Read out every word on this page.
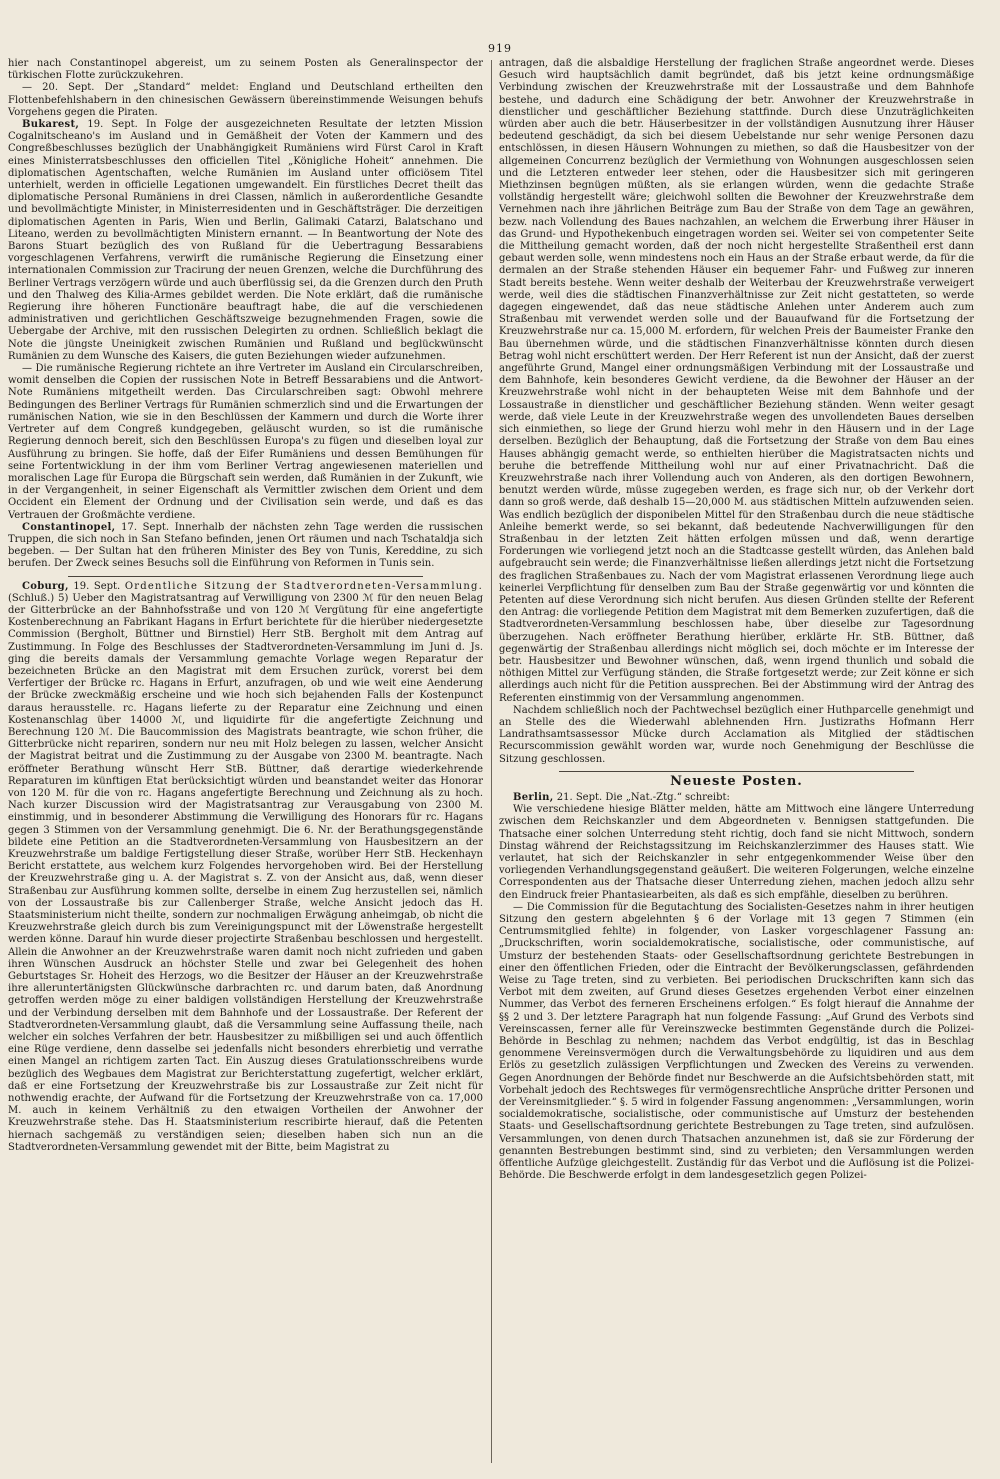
919

hier nach Constantinopel abgereist, um zu seinem Posten als Generalinspector der türkischen Flotte zurückzukehren.

— 20. Sept. Der „Standard“ meldet: England und Deutschland ertheilten den Flottenbefehlshabern in den chinesischen Gewässern übereinstimmende Weisungen behufs Vorgehens gegen die Piraten.

Bukarest, 19. Sept. In Folge der ausgezeichneten Resultate der letzten Mission Cogalnitscheano's im Ausland und in Gemäßheit der Voten der Kammern und des Congreßbeschlusses bezüglich der Unabhängigkeit Rumäniens wird Fürst Carol in Kraft eines Ministerratsbeschlusses den officiellen Titel „Königliche Hoheit“ annehmen. Die diplomatischen Agentschaften, welche Rumänien im Ausland unter officiösem Titel unterhielt, werden in officielle Legationen umgewandelt. Ein fürstliches Decret theilt das diplomatische Personal Rumäniens in drei Classen, nämlich in außerordentliche Gesandte und bevollmächtigte Minister, in Ministerresidenten und in Geschäftsträger. Die derzeitigen diplomatischen Agenten in Paris, Wien und Berlin, Galimaki Catarzi, Balatschano und Liteano, werden zu bevollmächtigten Ministern ernannt. — In Beantwortung der Note des Barons Stuart bezüglich des von Rußland für die Uebertragung Bessarabiens vorgeschlagenen Verfahrens, verwirft die rumänische Regierung die Einsetzung einer internationalen Commission zur Tracirung der neuen Grenzen, welche die Durchführung des Berliner Vertrags verzögern würde und auch überflüssig sei, da die Grenzen durch den Pruth und den Thalweg des Kilia-Armes gebildet werden. Die Note erklärt, daß die rumänische Regierung ihre höheren Functionäre beauftragt habe, die auf die verschiedenen administrativen und gerichtlichen Geschäftszweige bezugnehmenden Fragen, sowie die Uebergabe der Archive, mit den russischen Delegirten zu ordnen. Schließlich beklagt die Note die jüngste Uneinigkeit zwischen Rumänien und Rußland und beglückwünscht Rumänien zu dem Wunsche des Kaisers, die guten Beziehungen wieder aufzunehmen.

— Die rumänische Regierung richtete an ihre Vertreter im Ausland ein Circularschreiben, womit denselben die Copien der russischen Note in Betreff Bessarabiens und die Antwort-Note Rumäniens mitgetheilt werden. Das Circularschreiben sagt: Obwohl mehrere Bedingungen des Berliner Vertrags für Rumänien schmerzlich sind und die Erwartungen der rumänischen Nation, wie sie in den Beschlüssen der Kammern und durch die Worte ihrer Vertreter auf dem Congreß kundgegeben, geläuscht wurden, so ist die rumänische Regierung dennoch bereit, sich den Beschlüssen Europa's zu fügen und dieselben loyal zur Ausführung zu bringen. Sie hoffe, daß der Eifer Rumäniens und dessen Bemühungen für seine Fortentwicklung in der ihm vom Berliner Vertrag angewiesenen materiellen und moralischen Lage für Europa die Bürgschaft sein werden, daß Rumänien in der Zukunft, wie in der Vergangenheit, in seiner Eigenschaft als Vermittler zwischen dem Orient und dem Occident ein Element der Ordnung und der Civilisation sein werde, und daß es das Vertrauen der Großmächte verdiene.

Constantinopel, 17. Sept. Innerhalb der nächsten zehn Tage werden die russischen Truppen, die sich noch in San Stefano befinden, jenen Ort räumen und nach Tschataldja sich begeben. — Der Sultan hat den früheren Minister des Bey von Tunis, Kereddine, zu sich berufen. Der Zweck seines Besuchs soll die Einführung von Reformen in Tunis sein.

Coburg, 19. Sept. Ordentliche Sitzung der Stadtverordneten-Versammlung. (Schluß.) 5) Ueber den Magistratsantrag auf Verwilligung von 2300 ℳ für den neuen Belag der Gitterbrücke an der Bahnhofsstraße und von 120 ℳ Vergütung für eine angefertigte Kostenberechnung an Fabrikant Hagans in Erfurt berichtete für die hierüber niedergesetzte Commission (Bergholt, Büttner und Birnstiel) Herr StB. Bergholt mit dem Antrag auf Zustimmung. In Folge des Beschlusses der Stadtverordneten-Versammlung im Juni d. Js. ging die bereits damals der Versammlung gemachte Vorlage wegen Reparatur der bezeichneten Brücke an den Magistrat mit dem Ersuchen zurück, vorerst bei dem Verfertiger der Brücke rc. Hagans in Erfurt, anzufragen, ob und wie weit eine Aenderung der Brücke zweckmäßig erscheine und wie hoch sich bejahenden Falls der Kostenpunct daraus herausstelle. rc. Hagans lieferte zu der Reparatur eine Zeichnung und einen Kostenanschlag über 14000 ℳ, und liquidirte für die angefertigte Zeichnung und Berechnung 120 ℳ. Die Baucommission des Magistrats beantragte, wie schon früher, die Gitterbrücke nicht repariren, sondern nur neu mit Holz belegen zu lassen, welcher Ansicht der Magistrat beitrat und die Zustimmung zu der Ausgabe von 2300 M. beantragte. Nach eröffneter Berathung wünscht Herr StB. Büttner, daß derartige wiederkehrende Reparaturen im künftigen Etat berücksichtigt würden und beanstandet weiter das Honorar von 120 M. für die von rc. Hagans angefertigte Berechnung und Zeichnung als zu hoch. Nach kurzer Discussion wird der Magistratsantrag zur Verausgabung von 2300 M. einstimmig, und in besonderer Abstimmung die Verwilligung des Honorars für rc. Hagans gegen 3 Stimmen von der Versammlung genehmigt. Die 6. Nr. der Berathungsgegenstände bildete eine Petition an die Stadtverordneten-Versammlung von Hausbesitzern an der Kreuzwehrstraße um baldige Fertigstellung dieser Straße, worüber Herr StB. Heckenhayn Bericht erstattete, aus welchem kurz Folgendes hervorgehoben wird. Bei der Herstellung der Kreuzwehrstraße ging u. A. der Magistrat s. Z. von der Ansicht aus, daß, wenn dieser Straßenbau zur Ausführung kommen sollte, derselbe in einem Zug herzustellen sei, nämlich von der Lossaustraße bis zur Callenberger Straße, welche Ansicht jedoch das H. Staatsministerium nicht theilte, sondern zur nochmaligen Erwägung anheimgab, ob nicht die Kreuzwehrstraße gleich durch bis zum Vereinigungspunct mit der Löwenstraße hergestellt werden könne. Darauf hin wurde dieser projectirte Straßenbau beschlossen und hergestellt. Allein die Anwohner an der Kreuzwehrstraße waren damit noch nicht zufrieden und gaben ihren Wünschen Ausdruck an höchster Stelle und zwar bei Gelegenheit des hohen Geburtstages Sr. Hoheit des Herzogs, wo die Besitzer der Häuser an der Kreuzwehrstraße ihre alleruntertänigsten Glückwünsche darbrachten rc. und darum baten, daß Anordnung getroffen werden möge zu einer baldigen vollständigen Herstellung der Kreuzwehrstraße und der Verbindung derselben mit dem Bahnhofe und der Lossaustraße. Der Referent der Stadtverordneten-Versammlung glaubt, daß die Versammlung seine Auffassung theile, nach welcher ein solches Verfahren der betr. Hausbesitzer zu mißbilligen sei und auch öffentlich eine Rüge verdiene, denn dasselbe sei jedenfalls nicht besonders ehrerbietig und verrathe einen Mangel an richtigem zarten Tact. Ein Auszug dieses Gratulationsschreibens wurde bezüglich des Wegbaues dem Magistrat zur Berichterstattung zugefertigt, welcher erklärt, daß er eine Fortsetzung der Kreuzwehrstraße bis zur Lossaustraße zur Zeit nicht für nothwendig erachte, der Aufwand für die Fortsetzung der Kreuzwehrstraße von ca. 17,000 M. auch in keinem Verhältniß zu den etwaigen Vortheilen der Anwohner der Kreuzwehrstraße stehe. Das H. Staatsministerium rescribirte hierauf, daß die Petenten hiernach sachgemäß zu verständigen seien; dieselben haben sich nun an die Stadtverordneten-Versammlung gewendet mit der Bitte, beim Magistrat zu

antragen, daß die alsbaldige Herstellung der fraglichen Straße angeordnet werde. Dieses Gesuch wird hauptsächlich damit begründet, daß bis jetzt keine ordnungsmäßige Verbindung zwischen der Kreuzwehrstraße mit der Lossaustraße und dem Bahnhofe bestehe, und dadurch eine Schädigung der betr. Anwohner der Kreuzwehrstraße in dienstlicher und geschäftlicher Beziehung stattfinde. Durch diese Unzuträglichkeiten würden aber auch die betr. Häuserbesitzer in der vollständigen Ausnutzung ihrer Häuser bedeutend geschädigt, da sich bei diesem Uebelstande nur sehr wenige Personen dazu entschlössen, in diesen Häusern Wohnungen zu miethen, so daß die Hausbesitzer von der allgemeinen Concurrenz bezüglich der Vermiethung von Wohnungen ausgeschlossen seien und die Letzteren entweder leer stehen, oder die Hausbesitzer sich mit geringeren Miethzinsen begnügen müßten, als sie erlangen würden, wenn die gedachte Straße vollständig hergestellt wäre; gleichwohl sollten die Bewohner der Kreuzwehrstraße dem Vernehmen nach ihre jährlichen Beiträge zum Bau der Straße von dem Tage an gewähren, bezw. nach Vollendung des Baues nachzahlen, an welchem die Erwerbung ihrer Häuser in das Grund- und Hypothekenbuch eingetragen worden sei. Weiter sei von competenter Seite die Mittheilung gemacht worden, daß der noch nicht hergestellte Straßentheil erst dann gebaut werden solle, wenn mindestens noch ein Haus an der Straße erbaut werde, da für die dermalen an der Straße stehenden Häuser ein bequemer Fahr- und Fußweg zur inneren Stadt bereits bestehe. Wenn weiter deshalb der Weiterbau der Kreuzwehrstraße verweigert werde, weil dies die städtischen Finanzverhältnisse zur Zeit nicht gestatteten, so werde dagegen eingewendet, daß das neue städtische Anlehen unter Anderem auch zum Straßenbau mit verwendet werden solle und der Bauaufwand für die Fortsetzung der Kreuzwehrstraße nur ca. 15,000 M. erfordern, für welchen Preis der Baumeister Franke den Bau übernehmen würde, und die städtischen Finanzverhältnisse könnten durch diesen Betrag wohl nicht erschüttert werden. Der Herr Referent ist nun der Ansicht, daß der zuerst angeführte Grund, Mangel einer ordnungsmäßigen Verbindung mit der Lossaustraße und dem Bahnhofe, kein besonderes Gewicht verdiene, da die Bewohner der Häuser an der Kreuzwehrstraße wohl nicht in der behaupteten Weise mit dem Bahnhofe und der Lossaustraße in dienstlicher und geschäftlicher Beziehung ständen. Wenn weiter gesagt werde, daß viele Leute in der Kreuzwehrstraße wegen des unvollendeten Baues derselben sich einmiethen, so liege der Grund hierzu wohl mehr in den Häusern und in der Lage derselben. Bezüglich der Behauptung, daß die Fortsetzung der Straße von dem Bau eines Hauses abhängig gemacht werde, so enthielten hierüber die Magistratsacten nichts und beruhe die betreffende Mittheilung wohl nur auf einer Privatnachricht. Daß die Kreuzwehrstraße nach ihrer Vollendung auch von Anderen, als den dortigen Bewohnern, benutzt werden würde, müsse zugegeben werden, es frage sich nur, ob der Verkehr dort dann so groß werde, daß deshalb 15—20,000 M. aus städtischen Mitteln aufzuwenden seien. Was endlich bezüglich der disponibelen Mittel für den Straßenbau durch die neue städtische Anleihe bemerkt werde, so sei bekannt, daß bedeutende Nachverwilligungen für den Straßenbau in der letzten Zeit hätten erfolgen müssen und daß, wenn derartige Forderungen wie vorliegend jetzt noch an die Stadtcasse gestellt würden, das Anlehen bald aufgebraucht sein werde; die Finanzverhältnisse ließen allerdings jetzt nicht die Fortsetzung des fraglichen Straßenbaues zu. Nach der vom Magistrat erlassenen Verordnung liege auch keinerlei Verpflichtung für denselben zum Bau der Straße gegenwärtig vor und könnten die Petenten auf diese Verordnung sich nicht berufen. Aus diesen Gründen stellte der Referent den Antrag: die vorliegende Petition dem Magistrat mit dem Bemerken zuzufertigen, daß die Stadtverordneten-Versammlung beschlossen habe, über dieselbe zur Tagesordnung überzugehen. Nach eröffneter Berathung hierüber, erklärte Hr. StB. Büttner, daß gegenwärtig der Straßenbau allerdings nicht möglich sei, doch möchte er im Interesse der betr. Hausbesitzer und Bewohner wünschen, daß, wenn irgend thunlich und sobald die nöthigen Mittel zur Verfügung ständen, die Straße fortgesetzt werde; zur Zeit könne er sich allerdings auch nicht für die Petition aussprechen. Bei der Abstimmung wird der Antrag des Referenten einstimmig von der Versammlung angenommen.

Nachdem schließlich noch der Pachtwechsel bezüglich einer Huthparcelle genehmigt und an Stelle des die Wiederwahl ablehnenden Hrn. Justizraths Hofmann Herr Landrathsamtsassessor Mücke durch Acclamation als Mitglied der städtischen Recurscommission gewählt worden war, wurde noch Genehmigung der Beschlüsse die Sitzung geschlossen.

Neueste Posten.

Berlin, 21. Sept. Die „Nat.-Ztg.“ schreibt:

Wie verschiedene hiesige Blätter melden, hätte am Mittwoch eine längere Unterredung zwischen dem Reichskanzler und dem Abgeordneten v. Bennigsen stattgefunden. Die Thatsache einer solchen Unterredung steht richtig, doch fand sie nicht Mittwoch, sondern Dinstag während der Reichstagssitzung im Reichskanzlerzimmer des Hauses statt. Wie verlautet, hat sich der Reichskanzler in sehr entgegenkommender Weise über den vorliegenden Verhandlungsgegenstand geäußert. Die weiteren Folgerungen, welche einzelne Correspondenten aus der Thatsache dieser Unterredung ziehen, machen jedoch allzu sehr den Eindruck freier Phantasiearbeiten, als daß es sich empfähle, dieselben zu berühren.

— Die Commission für die Begutachtung des Socialisten-Gesetzes nahm in ihrer heutigen Sitzung den gestern abgelehnten § 6 der Vorlage mit 13 gegen 7 Stimmen (ein Centrumsmitglied fehlte) in folgender, von Lasker vorgeschlagener Fassung an: „Druckschriften, worin socialdemokratische, socialistische, oder communistische, auf Umsturz der bestehenden Staats- oder Gesellschaftsordnung gerichtete Bestrebungen in einer den öffentlichen Frieden, oder die Eintracht der Bevölkerungsclassen, gefährdenden Weise zu Tage treten, sind zu verbieten. Bei periodischen Druckschriften kann sich das Verbot mit dem zweiten, auf Grund dieses Gesetzes ergehenden Verbot einer einzelnen Nummer, das Verbot des ferneren Erscheinens erfolgen.“ Es folgt hierauf die Annahme der §§ 2 und 3. Der letztere Paragraph hat nun folgende Fassung: „Auf Grund des Verbots sind Vereinscassen, ferner alle für Vereinszwecke bestimmten Gegenstände durch die Polizei-Behörde in Beschlag zu nehmen; nachdem das Verbot endgültig, ist das in Beschlag genommene Vereinsvermögen durch die Verwaltungsbehörde zu liquidiren und aus dem Erlös zu gesetzlich zulässigen Verpflichtungen und Zwecken des Vereins zu verwenden. Gegen Anordnungen der Behörde findet nur Beschwerde an die Aufsichtsbehörden statt, mit Vorbehalt jedoch des Rechtsweges für vermögensrechtliche Ansprüche dritter Personen und der Vereinsmitglieder.“ §. 5 wird in folgender Fassung angenommen: „Versammlungen, worin socialdemokratische, socialistische, oder communistische auf Umsturz der bestehenden Staats- und Gesellschaftsordnung gerichtete Bestrebungen zu Tage treten, sind aufzulösen. Versammlungen, von denen durch Thatsachen anzunehmen ist, daß sie zur Förderung der genannten Bestrebungen bestimmt sind, sind zu verbieten; den Versammlungen werden öffentliche Aufzüge gleichgestellt. Zuständig für das Verbot und die Auflösung ist die Polizei-Behörde. Die Beschwerde erfolgt in dem landesgesetzlich gegen Polizei-
